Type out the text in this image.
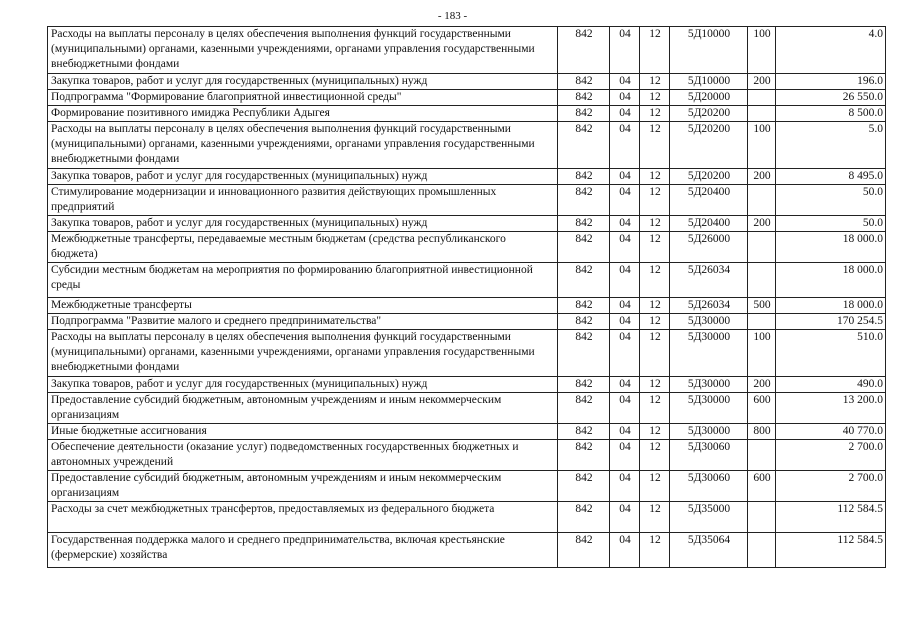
- 183 -
Расходы на выплаты персоналу в целях обеспечения выполнения функций государственными (муниципальными) органами, казенными учреждениями, органами управления государственными внебюджетными фондами	842	04	12	5Д10000	100	4.0
Закупка товаров, работ и услуг для государственных (муниципальных) нужд	842	04	12	5Д10000	200	196.0
Подпрограмма "Формирование благоприятной инвестиционной среды"	842	04	12	5Д20000		26 550.0
Формирование позитивного имиджа Республики Адыгея	842	04	12	5Д20200		8 500.0
Расходы на выплаты персоналу в целях обеспечения выполнения функций государственными (муниципальными) органами, казенными учреждениями, органами управления государственными внебюджетными фондами	842	04	12	5Д20200	100	5.0
Закупка товаров, работ и услуг для государственных (муниципальных) нужд	842	04	12	5Д20200	200	8 495.0
Стимулирование модернизации и инновационного развития действующих промышленных предприятий	842	04	12	5Д20400		50.0
Закупка товаров, работ и услуг для государственных (муниципальных) нужд	842	04	12	5Д20400	200	50.0
Межбюджетные трансферты, передаваемые местным бюджетам (средства республиканского бюджета)	842	04	12	5Д26000		18 000.0
Субсидии местным бюджетам на мероприятия по формированию благоприятной инвестиционной среды	842	04	12	5Д26034		18 000.0
Межбюджетные трансферты	842	04	12	5Д26034	500	18 000.0
Подпрограмма "Развитие малого и среднего предпринимательства"	842	04	12	5Д30000		170 254.5
Расходы на выплаты персоналу в целях обеспечения выполнения функций государственными (муниципальными) органами, казенными учреждениями, органами управления государственными внебюджетными фондами	842	04	12	5Д30000	100	510.0
Закупка товаров, работ и услуг для государственных (муниципальных) нужд	842	04	12	5Д30000	200	490.0
Предоставление субсидий бюджетным, автономным учреждениям и иным некоммерческим организациям	842	04	12	5Д30000	600	13 200.0
Иные бюджетные ассигнования	842	04	12	5Д30000	800	40 770.0
Обеспечение деятельности (оказание услуг) подведомственных государственных бюджетных и автономных учреждений	842	04	12	5Д30060		2 700.0
Предоставление субсидий бюджетным, автономным учреждениям и иным некоммерческим организациям	842	04	12	5Д30060	600	2 700.0
Расходы за счет межбюджетных трансфертов, предоставляемых из федерального бюджета	842	04	12	5Д35000		112 584.5
Государственная поддержка малого и среднего предпринимательства, включая крестьянские (фермерские) хозяйства	842	04	12	5Д35064		112 584.5
